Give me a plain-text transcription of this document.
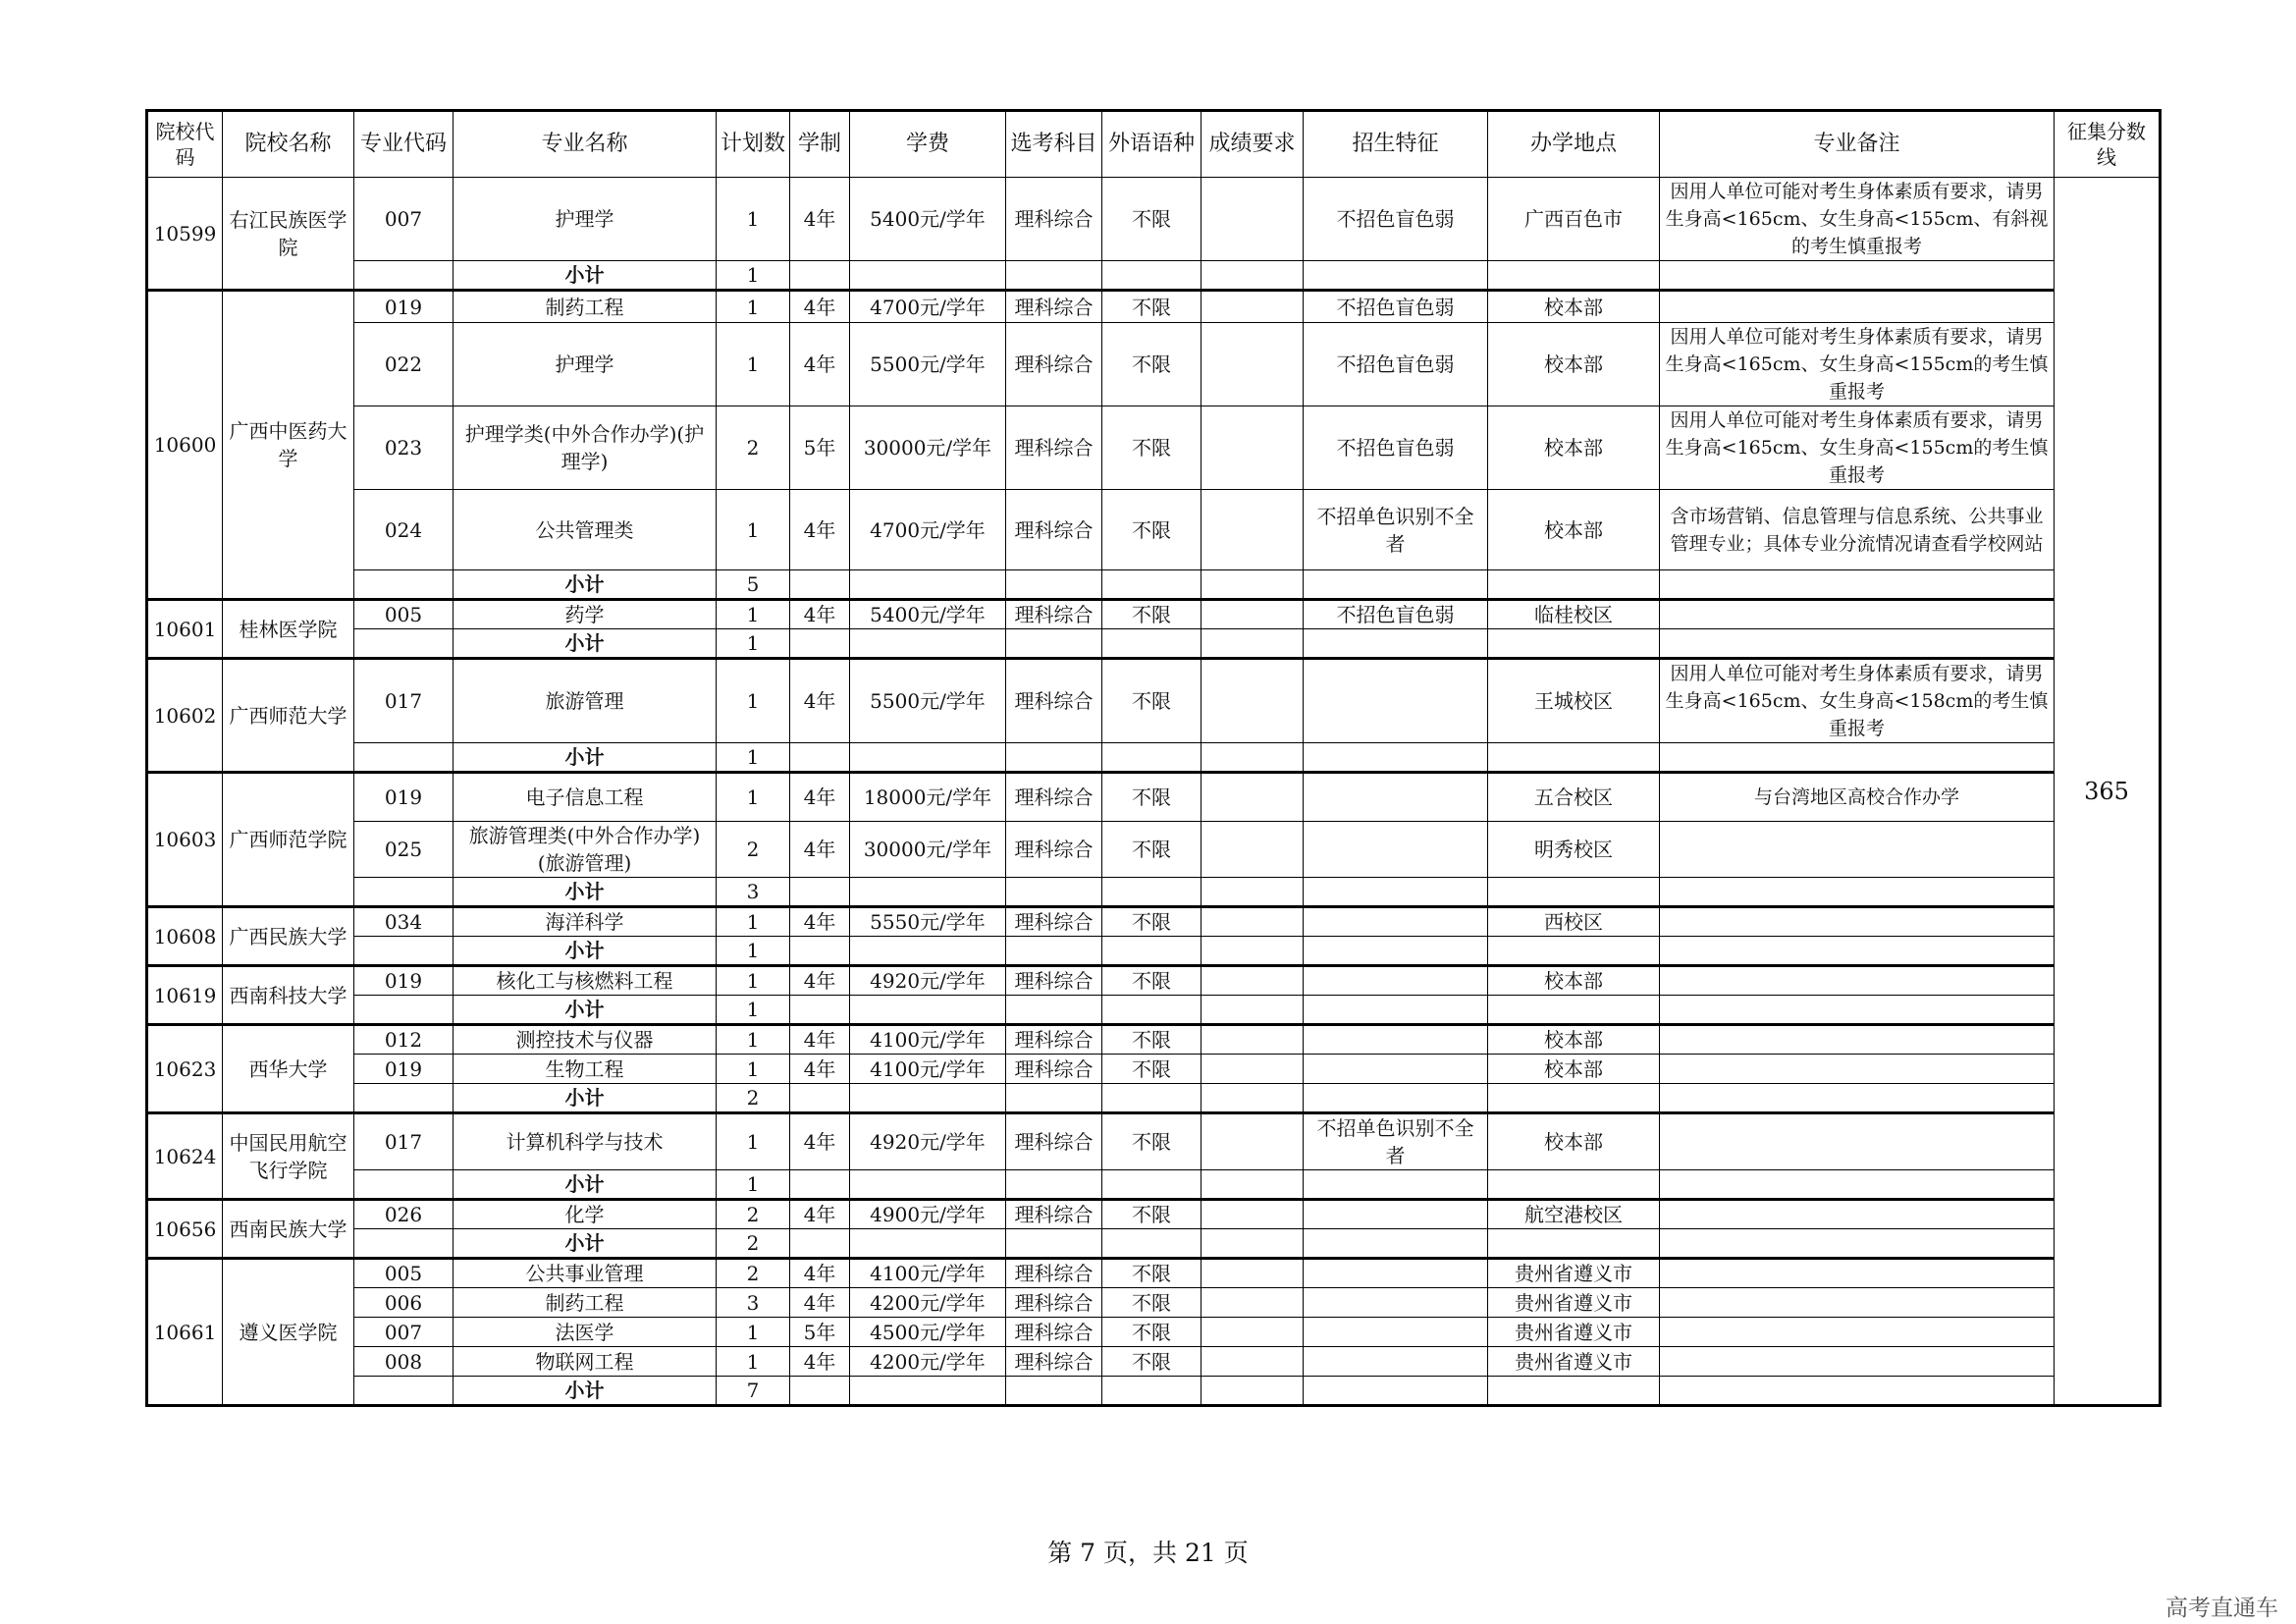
院校代码	院校名称	专业代码	专业名称	计划数	学制	学费	选考科目	外语语种	成绩要求	招生特征	办学地点	专业备注	征集分数线
10599	右江民族医学院	007	护理学	1	4年	5400元/学年	理科综合	不限		不招色盲色弱	广西百色市	因用人单位可能对考生身体素质有要求，请男生身高<165cm、女生身高<155cm、有斜视的考生慎重报考	365
			小计	1									
10600	广西中医药大学	019	制药工程	1	4年	4700元/学年	理科综合	不限		不招色盲色弱	校本部		
		022	护理学	1	4年	5500元/学年	理科综合	不限		不招色盲色弱	校本部	因用人单位可能对考生身体素质有要求，请男生身高<165cm、女生身高<155cm的考生慎重报考	
		023	护理学类(中外合作办学)(护理学)	2	5年	30000元/学年	理科综合	不限		不招色盲色弱	校本部	因用人单位可能对考生身体素质有要求，请男生身高<165cm、女生身高<155cm的考生慎重报考	
		024	公共管理类	1	4年	4700元/学年	理科综合	不限		不招单色识别不全者	校本部	含市场营销、信息管理与信息系统、公共事业管理专业；具体专业分流情况请查看学校网站	
			小计	5									
10601	桂林医学院	005	药学	1	4年	5400元/学年	理科综合	不限		不招色盲色弱	临桂校区		
			小计	1									
10602	广西师范大学	017	旅游管理	1	4年	5500元/学年	理科综合	不限			王城校区	因用人单位可能对考生身体素质有要求，请男生身高<165cm、女生身高<158cm的考生慎重报考	
			小计	1									
10603	广西师范学院	019	电子信息工程	1	4年	18000元/学年	理科综合	不限			五合校区	与台湾地区高校合作办学	
		025	旅游管理类(中外合作办学)(旅游管理)	2	4年	30000元/学年	理科综合	不限			明秀校区		
			小计	3									
10608	广西民族大学	034	海洋科学	1	4年	5550元/学年	理科综合	不限			西校区		
			小计	1									
10619	西南科技大学	019	核化工与核燃料工程	1	4年	4920元/学年	理科综合	不限			校本部		
			小计	1									
10623	西华大学	012	测控技术与仪器	1	4年	4100元/学年	理科综合	不限			校本部		
		019	生物工程	1	4年	4100元/学年	理科综合	不限			校本部		
			小计	2									
10624	中国民用航空飞行学院	017	计算机科学与技术	1	4年	4920元/学年	理科综合	不限		不招单色识别不全者	校本部		
			小计	1									
10656	西南民族大学	026	化学	2	4年	4900元/学年	理科综合	不限			航空港校区		
			小计	2									
10661	遵义医学院	005	公共事业管理	2	4年	4100元/学年	理科综合	不限			贵州省遵义市		
		006	制药工程	3	4年	4200元/学年	理科综合	不限			贵州省遵义市		
		007	法医学	1	5年	4500元/学年	理科综合	不限			贵州省遵义市		
		008	物联网工程	1	4年	4200元/学年	理科综合	不限			贵州省遵义市		
			小计	7									
第 7 页，共 21 页
高考直通车
